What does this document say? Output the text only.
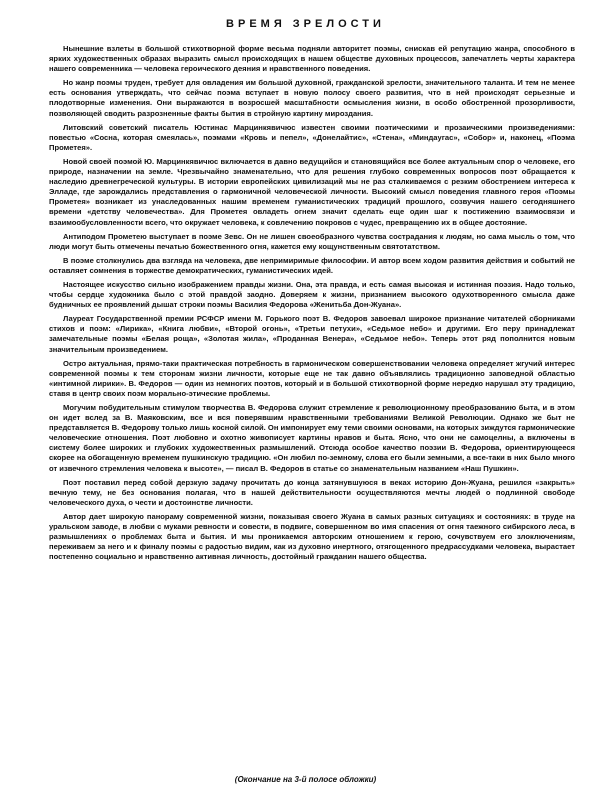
ВРЕМЯ ЗРЕЛОСТИ

Нынешние взлеты в большой стихотворной форме весьма подняли авторитет поэмы, снискав ей репутацию жанра, способного в ярких художественных образах выразить смысл происходящих в нашем обществе духовных процессов, запечатлеть черты характера нашего современника — человека героического деяния и нравственного поведения.

Но жанр поэмы труден, требует для овладения им большой духовной, гражданской зрелости, значительного таланта. И тем не менее есть основания утверждать, что сейчас поэма вступает в новую полосу своего развития, что в ней происходят серьезные и плодотворные изменения. Они выражаются в возросшей масштабности осмысления жизни, в особо обостренной прозорливости, позволяющей сводить разрозненные факты бытия в стройную картину мироздания.

Литовский советский писатель Юстинас Марцинкявичюс известен своими поэтическими и прозаическими произведениями: повестью «Сосна, которая смеялась», поэмами «Кровь и пепел», «Донелайтис», «Стена», «Миндаугас», «Собор» и, наконец, «Поэма Прометея».

Новой своей поэмой Ю. Марцинкявичюс включается в давно ведущийся и становящийся все более актуальным спор о человеке, его природе, назначении на земле. Чрезвычайно знаменательно, что для решения глубоко современных вопросов поэт обращается к наследию древнегреческой культуры. В истории европейских цивилизаций мы не раз сталкиваемся с резким обострением интереса к Элладе, где зарождались представления о гармоничной человеческой личности. Высокий смысл поведения главного героя «Поэмы Прометея» возникает из унаследованных нашим временем гуманистических традиций прошлого, созвучия нашего сегодняшнего времени «детству человечества». Для Прометея овладеть огнем значит сделать еще один шаг к постижению взаимосвязи и взаимообусловленности всего, что окружает человека, к совлечению покровов с чудес, превращению их в общее достояние.

Антиподом Прометею выступает в поэме Зевс. Он не лишен своеобразного чувства сострадания к людям, но сама мысль о том, что люди могут быть отмечены печатью божественного огня, кажется ему кощунственным святотатством.

В поэме столкнулись два взгляда на человека, две непримиримые философии. И автор всем ходом развития действия и событий не оставляет сомнения в торжестве демократических, гуманистических идей.

Настоящее искусство сильно изображением правды жизни. Она, эта правда, и есть самая высокая и истинная поэзия. Надо только, чтобы сердце художника было с этой правдой заодно. Доверяем к жизни, признанием высокого одухотворенного смысла даже будничных ее проявлений дышат строки поэмы Василия Федорова «Женитьба Дон-Жуана».

Лауреат Государственной премии РСФСР имени М. Горького поэт В. Федоров завоевал широкое признание читателей сборниками стихов и поэм: «Лирика», «Книга любви», «Второй огонь», «Третьи петухи», «Седьмое небо» и другими. Его перу принадлежат замечательные поэмы «Белая роща», «Золотая жила», «Проданная Венера», «Седьмое небо». Теперь этот ряд пополнится новым значительным произведением.

Остро актуальная, прямо-таки практическая потребность в гармоническом совершенствовании человека определяет жгучий интерес современной поэмы к тем сторонам жизни личности, которые еще не так давно объявлялись традиционно заповедной областью «интимной лирики». В. Федоров — один из немногих поэтов, который и в большой стихотворной форме нередко нарушал эту традицию, ставя в центр своих поэм морально-этические проблемы.

Могучим побудительным стимулом творчества В. Федорова служит стремление к революционному преобразованию быта, и в этом он идет вслед за В. Маяковским, все и вся поверявшим нравственными требованиями Великой Революции. Однако же быт не представляется В. Федорову только лишь косной силой. Он импонирует ему теми своими основами, на которых зиждутся гармонические человеческие отношения. Поэт любовно и охотно живописует картины нравов и быта. Ясно, что они не самоцелны, а включены в систему более широких и глубоких художественных размышлений. Отсюда особое качество поэзии В. Федорова, ориентирующееся скорее на обогащенную временем пушкинскую традицию. «Он любил по-земному, слова его были земными, а все-таки в них было много от извечного стремления человека к высоте», — писал В. Федоров в статье со знаменательным названием «Наш Пушкин».

Поэт поставил перед собой дерзкую задачу прочитать до конца затянувшуюся в веках историю Дон-Жуана, решился «закрыть» вечную тему, не без основания полагая, что в нашей действительности осуществляются мечты людей о подлинной свободе человеческого духа, о чести и достоинстве личности.

Автор дает широкую панораму современной жизни, показывая своего Жуана в самых разных ситуациях и состояниях: в труде на уральском заводе, в любви с муками ревности и совести, в подвиге, совершенном во имя спасения от огня таежного сибирского леса, в размышлениях о проблемах быта и бытия. И мы проникаемся авторским отношением к герою, сочувствуем его злоключениям, переживаем за него и к финалу поэмы с радостью видим, как из духовно инертного, отягощенного предрассудками человека, вырастает постепенно социально и нравственно активная личность, достойный гражданин нашего общества.

(Окончание на 3-й полосе обложки)
